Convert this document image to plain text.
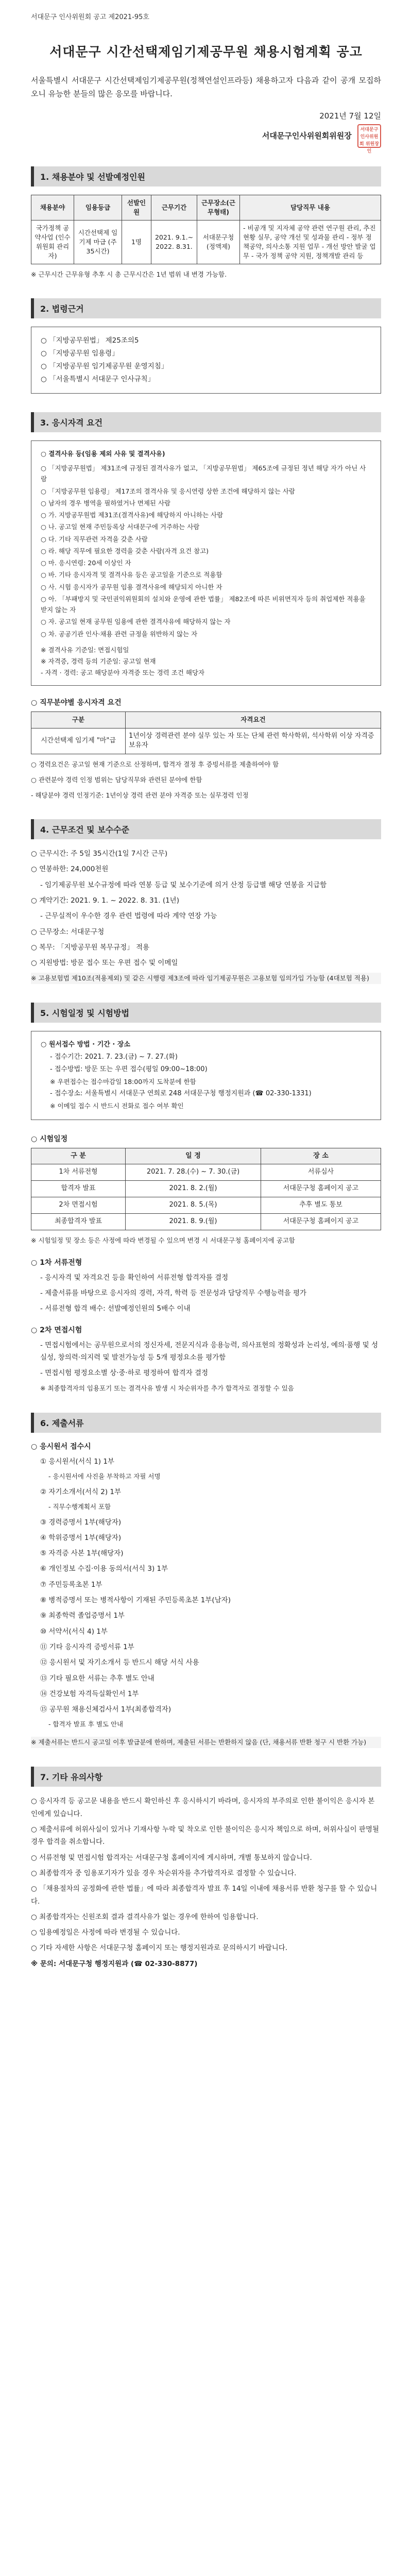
서대문구 인사위원회 공고 제2021-95호
서대문구 시간선택제임기제공무원 채용시험계획 공고
서울특별시 서대문구 시간선택제임기제공무원(정책연설인프라등) 채용하고자 다음과 같이 공개 모집하오니 유능한 분들의 많은 응모를 바랍니다.
2021년 7월 12일
서대문구인사위원회위원장 서대문구 인사위원회 위원장인
1. 채용분야 및 선발예정인원
채용분야	임용등급	선발인원	근무기간	근무장소(근무형태)	담당직무 내용
국가정책 공약사업 (인수위원회 관리자)	시간선택제 임기제 마급 (주 35시간)	1명	2021. 9.1.~ 2022. 8.31.	서대문구청 (정액제)	- 비공개 및 지자체 공약 관련 연구원 관리, 추진 현황 실무, 공약 개선 및 성과물 관리 - 정부 정책공약, 의사소통 지원 업무 - 개선 방안 발굴 업무 - 국가 정책 공약 지원, 정책개발 관리 등
※ 근무시간 근무유형 추후 시 총 근무시간은 1년 범위 내 변경 가능함.
2. 법령근거
○ 「지방공무원법」 제25조의5
○ 「지방공무원 임용령」
○ 「지방공무원 임기제공무원 운영지침」
○ 「서울특별시 서대문구 인사규칙」
3. 응시자격 요건
○ 결격사유 등(임용 제외 사유 및 결격사유)
○ 「지방공무원법」 제31조에 규정된 결격사유가 없고, 「지방공무원법」 제65조에 규정된 정년 해당 자가 아닌 사람
○ 「지방공무원 임용령」 제17조의 결격사유 및 응시연령 상한 조건에 해당하지 않는 사람
○ 남자의 경우 병역을 필하였거나 면제된 사람
○ 가. 지방공무원법 제31조(결격사유)에 해당하지 아니하는 사람
○ 나. 공고일 현재 주민등록상 서대문구에 거주하는 사람
○ 다. 기타 직무관련 자격을 갖춘 사람
○ 라. 해당 직무에 필요한 경력을 갖춘 사람(자격 요건 참고)
○ 마. 응시연령: 20세 이상인 자
○ 바. 기타 응시자격 및 결격사유 등은 공고일을 기준으로 적용함
○ 사. 시험 응시자가 공무원 임용 결격사유에 해당되지 아니한 자
○ 아. 「부패방지 및 국민권익위원회의 설치와 운영에 관한 법률」 제82조에 따른 비위면직자 등의 취업제한 적용을 받지 않는 자
○ 자. 공고일 현재 공무원 임용에 관한 결격사유에 해당하지 않는 자
○ 차. 공공기관 인사·채용 관련 규정을 위반하지 않는 자
※ 결격사유 기준일: 면접시험일
※ 자격증, 경력 등의 기준일: 공고일 현재
- 자격 · 경력: 공고 해당분야 자격증 또는 경력 조건 해당자
○ 직무분야별 응시자격 요건
구분	자격요건
시간선택제 임기제 "마"급	1년이상 경력관련 분야 실무 있는 자 또는 단체 관련 학사학위, 석사학위 이상 자격증 보유자
○ 경력요건은 공고일 현재 기준으로 산정하며, 합격자 결정 후 증빙서류를 제출하여야 함
○ 관련분야 경력 인정 범위는 담당직무와 관련된 분야에 한함
- 해당분야 경력 인정기준: 1년이상 경력 관련 분야 자격증 또는 실무경력 인정
4. 근무조건 및 보수수준
○ 근무시간: 주 5일 35시간(1일 7시간 근무)
○ 연봉하한: 24,000천원
- 임기제공무원 보수규정에 따라 연봉 등급 및 보수기준에 의거 산정 등급별 해당 연봉을 지급함
○ 계약기간: 2021. 9. 1. ~ 2022. 8. 31. (1년)
- 근무실적이 우수한 경우 관련 법령에 따라 계약 연장 가능
○ 근무장소: 서대문구청
○ 복무: 「지방공무원 복무규정」 적용
○ 지원방법: 방문 접수 또는 우편 접수 및 이메일
※ 고용보험법 제10조(적용제외) 및 같은 시행령 제3조에 따라 임기제공무원은 고용보험 임의가입 가능함 (4대보험 적용)
5. 시험일정 및 시험방법
○ 원서접수 방법 · 기간 · 장소
- 접수기간: 2021. 7. 23.(금) ~ 7. 27.(화)
- 접수방법: 방문 또는 우편 접수(평일 09:00~18:00)
※ 우편접수는 접수마감일 18:00까지 도착분에 한함
- 접수장소: 서울특별시 서대문구 연희로 248 서대문구청 행정지원과 (☎ 02-330-1331)
※ 이메일 접수 시 반드시 전화로 접수 여부 확인
○ 시험일정
구 분	일 정	장 소
1차 서류전형	2021. 7. 28.(수) ~ 7. 30.(금)	서류심사
합격자 발표	2021. 8. 2.(월)	서대문구청 홈페이지 공고
2차 면접시험	2021. 8. 5.(목)	추후 별도 통보
최종합격자 발표	2021. 8. 9.(월)	서대문구청 홈페이지 공고
※ 시험일정 및 장소 등은 사정에 따라 변경될 수 있으며 변경 시 서대문구청 홈페이지에 공고함
○ 1차 서류전형
- 응시자격 및 자격요건 등을 확인하여 서류전형 합격자를 결정
- 제출서류를 바탕으로 응시자의 경력, 자격, 학력 등 전문성과 담당직무 수행능력을 평가
- 서류전형 합격 배수: 선발예정인원의 5배수 이내
○ 2차 면접시험
- 면접시험에서는 공무원으로서의 정신자세, 전문지식과 응용능력, 의사표현의 정확성과 논리성, 예의·품행 및 성실성, 창의력·의지력 및 발전가능성 등 5개 평정요소를 평가함
- 면접시험 평정요소별 상·중·하로 평정하여 합격자 결정
※ 최종합격자의 임용포기 또는 결격사유 발생 시 차순위자를 추가 합격자로 결정할 수 있음
6. 제출서류
○ 응시원서 접수시
① 응시원서(서식 1) 1부
- 응시원서에 사진을 부착하고 자필 서명
② 자기소개서(서식 2) 1부
- 직무수행계획서 포함
③ 경력증명서 1부(해당자)
④ 학위증명서 1부(해당자)
⑤ 자격증 사본 1부(해당자)
⑥ 개인정보 수집·이용 동의서(서식 3) 1부
⑦ 주민등록초본 1부
⑧ 병적증명서 또는 병적사항이 기재된 주민등록초본 1부(남자)
⑨ 최종학력 졸업증명서 1부
⑩ 서약서(서식 4) 1부
⑪ 기타 응시자격 증빙서류 1부
⑫ 응시원서 및 자기소개서 등 반드시 해당 서식 사용
⑬ 기타 필요한 서류는 추후 별도 안내
⑭ 건강보험 자격득실확인서 1부
⑮ 공무원 채용신체검사서 1부(최종합격자)
- 합격자 발표 후 별도 안내
※ 제출서류는 반드시 공고일 이후 발급분에 한하며, 제출된 서류는 반환하지 않음 (단, 채용서류 반환 청구 시 반환 가능)
7. 기타 유의사항
○ 응시자격 등 공고문 내용을 반드시 확인하신 후 응시하시기 바라며, 응시자의 부주의로 인한 불이익은 응시자 본인에게 있습니다.
○ 제출서류에 허위사실이 있거나 기재사항 누락 및 착오로 인한 불이익은 응시자 책임으로 하며, 허위사실이 판명될 경우 합격을 취소합니다.
○ 서류전형 및 면접시험 합격자는 서대문구청 홈페이지에 게시하며, 개별 통보하지 않습니다.
○ 최종합격자 중 임용포기자가 있을 경우 차순위자를 추가합격자로 결정할 수 있습니다.
○ 「채용절차의 공정화에 관한 법률」에 따라 최종합격자 발표 후 14일 이내에 채용서류 반환 청구를 할 수 있습니다.
○ 최종합격자는 신원조회 결과 결격사유가 없는 경우에 한하여 임용합니다.
○ 임용예정일은 사정에 따라 변경될 수 있습니다.
○ 기타 자세한 사항은 서대문구청 홈페이지 또는 행정지원과로 문의하시기 바랍니다.
※ 문의: 서대문구청 행정지원과 (☎ 02-330-8877)
